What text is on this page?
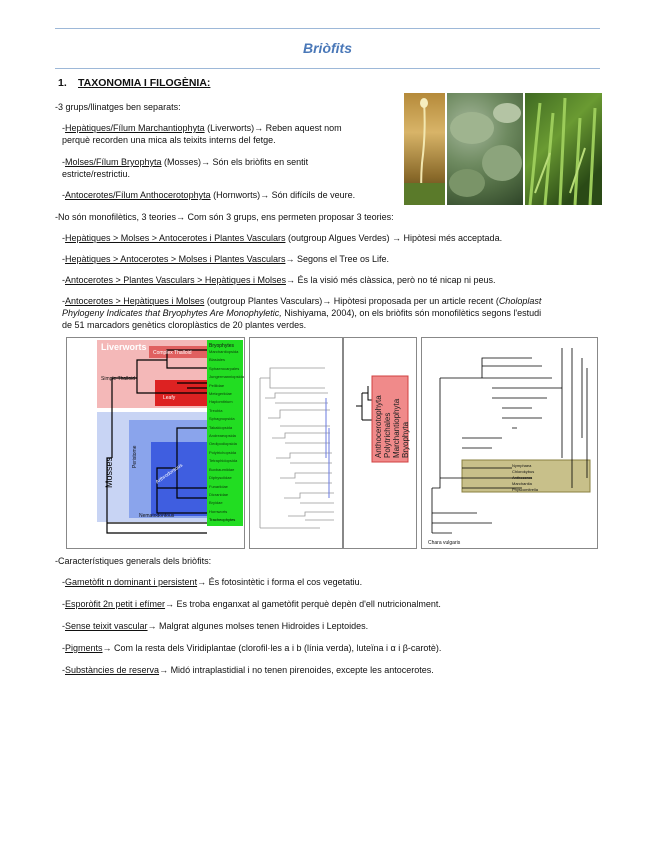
Briòfits
1. TAXONOMIA I FILOGÈNIA:
-3 grups/llinatges ben separats:
-Hepàtiques/Fílum Marchantiophyta (Liverworts)→ Reben aquest nom
perquè recorden una mica als teixits interns del fetge.
-Molses/Fílum Bryophyta (Mosses)→ Són els briòfits en sentit
estricte/restrictiu.
-Antocerotes/Fílum Anthocerotophyta (Hornworts)→ Són difícils de veure.
-No són monofilètics, 3 teories→ Com són 3 grups, ens permeten proposar 3 teories:
-Hepàtiques > Molses > Antocerotes i Plantes Vasculars (outgroup Algues Verdes) → Hipòtesi més acceptada.
-Hepàtiques > Antocerotes > Molses i Plantes Vasculars→ Segons el Tree os Life.
-Antocerotes > Plantes Vasculars > Hepàtiques i Molses→ És la visió més clàssica, però no té nicap ni peus.
-Antocerotes > Hepàtiques i Molses (outgroup Plantes Vasculars)→ Hipòtesi proposada per un article recent (Choloplast
Phylogeny Indicates that Bryophytes Are Monophyletic, Nishiyama, 2004), on els briòfits són monofilètics segons l'estudi
de 51 marcadors genètics cloroplàstics de 20 plantes verdes.
Liverworts
Complex Thalloid
Simple Thalloid
Leafy
Mosses
Peristome
Arthrodontous
Nematodontous
Bryophytes
Marchantiopsida
Blasiales
Sphaerocarpales
Jungermanniopsida
Pelliidae
Metzgeriidae
Haplomitrium
Treubia
Sphagnopsida
Takakiopsida
Andreaeopsida
Oedipodiopsida
Polytrichopsida
Tetraphidopsida
Buxbaumiidae
Diphysciidae
Funariidae
Dicranidae
Bryidae
Hornworts
Tracheophytes
Anthocerotophyta Polytrichales Marchantiophyta Bryophyta
Nymphaea
Chlorokybus
Anthoceros
Marchantia
Physcomitrella
Chara vulgaris
-Característiques generals dels briòfits:
-Gametòfit n dominant i persistent→ És fotosintètic i forma el cos vegetatiu.
-Esporòfit 2n petit i efímer→ Es troba enganxat al gametòfit perquè depèn d'ell nutricionalment.
-Sense teixit vascular→ Malgrat algunes molses tenen Hidroides i Leptoides.
-Pigments→ Com la resta dels Viridiplantae (clorofil·les a i b (línia verda), luteïna i α i β-carotè).
-Substàncies de reserva→ Midó intraplastidial i no tenen pirenoides, excepte les antocerotes.
